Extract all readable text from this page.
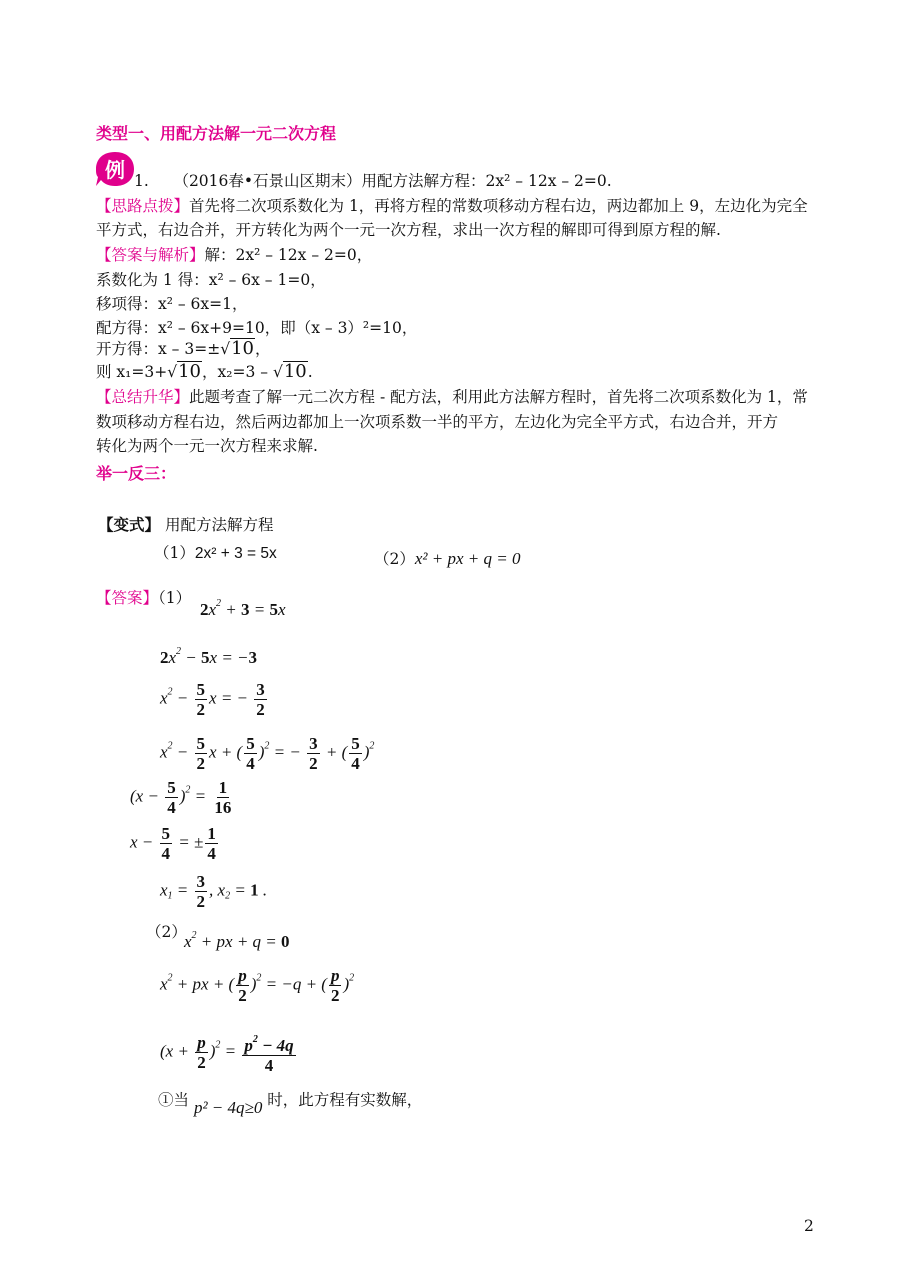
类型一、用配方法解一元二次方程
例 1. （2016春•石景山区期末）用配方法解方程：2x² – 12x – 2=0.
【思路点拨】首先将二次项系数化为 1，再将方程的常数项移动方程右边，两边都加上 9，左边化为完全
平方式，右边合并，开方转化为两个一元一次方程，求出一次方程的解即可得到原方程的解.
【答案与解析】解：2x² – 12x – 2=0，
系数化为 1 得：x² – 6x – 1=0，
移项得：x² – 6x=1，
配方得：x² – 6x+9=10，即（x – 3）²=10，
开方得：x – 3=±√10，
则 x₁=3+√10，x₂=3 – √10.
【总结升华】此题考查了解一元二次方程 - 配方法，利用此方法解方程时，首先将二次项系数化为 1，常
数项移动方程右边，然后两边都加上一次项系数一半的平方，左边化为完全平方式，右边合并，开方
转化为两个一元一次方程来求解.
举一反三：
【变式】 用配方法解方程
（1）2x² + 3 = 5x	（2）x² + px + q = 0
【答案】（1）
$2x^2 + 3 = 5x$
$2x^2 - 5x = -3$
$x^2 - \frac{5}{2}$ x = − $\frac{3}{2}$
$x^2 - \frac{5}{2}$ x + ( $\frac{5}{4} )^2$ = − $\frac{3}{2}$ + ( $\frac{5}{4} )^2$
$(x - \frac{5}{4} )^2 = \frac{1}{16}$
$x - \frac{5}{4}$ = ± $\frac{1}{4}$
$x_1 = \frac{3}{2}$ , $x_2 = 1$ .
（2）
$x^2$ + px + q = 0
$x^2$ + px + ( $\frac{p}{2} )^2 = -q$ + ( $\frac{p}{2} )^2$
$(x + \frac{p}{2} )^2 = \frac{p^2 - 4q}{4}$
①当 p² − 4q≥0 时，此方程有实数解，
2
